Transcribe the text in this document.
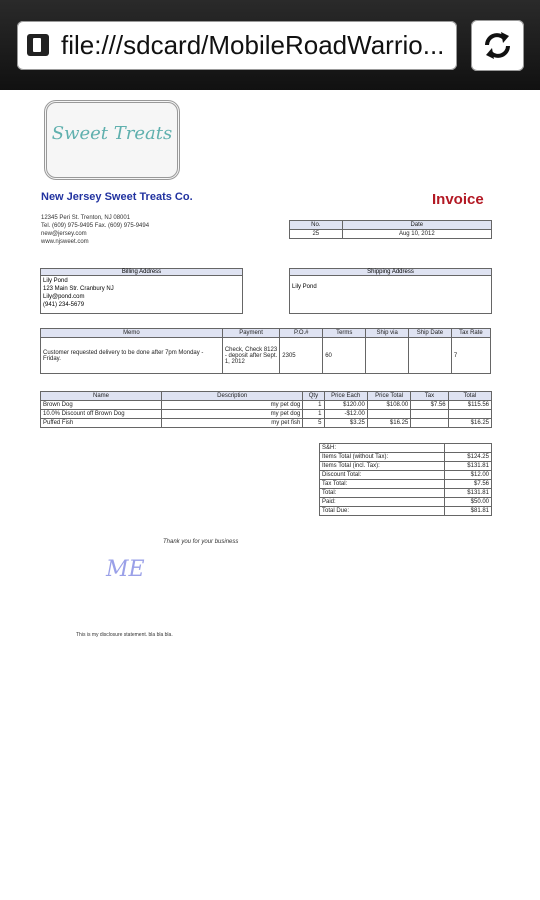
file:///sdcard/MobileRoadWarrio...
Sweet Treats
New Jersey Sweet Treats Co.	Invoice
12345 Peri St. Trenton, NJ 08001
Tel. (609) 975-9495 Fax. (609) 975-9494
new@jersey.com
www.njsweet.com
No.	Date
25	Aug 10, 2012
Billing Address
Lily Pond
123 Main Str. Cranbury NJ
Lily@pond.com
(941) 234-5679
Shipping Address
Lily Pond
Memo	Payment	P.O.#	Terms	Ship via	Ship Date	Tax Rate
Customer requested delivery to be done after 7pm Monday - Friday.	Check, Check 8123 - deposit after Sept. 1, 2012	2305	60			7
Name	Description	Qty	Price Each	Price Total	Tax	Total
Brown Dog	my pet dog	1	$120.00	$108.00	$7.56	$115.56
10.0% Discount off Brown Dog	my pet dog	1	-$12.00			
Puffed Fish	my pet fish	5	$3.25	$16.25		$16.25
S&H:	
Items Total (without Tax):	$124.25
Items Total (incl. Tax):	$131.81
Discount Total:	$12.00
Tax Total:	$7.56
Total:	$131.81
Paid:	$50.00
Total Due:	$81.81
Thank you for your business
ME
This is my disclosure statement. bla bla bla.
